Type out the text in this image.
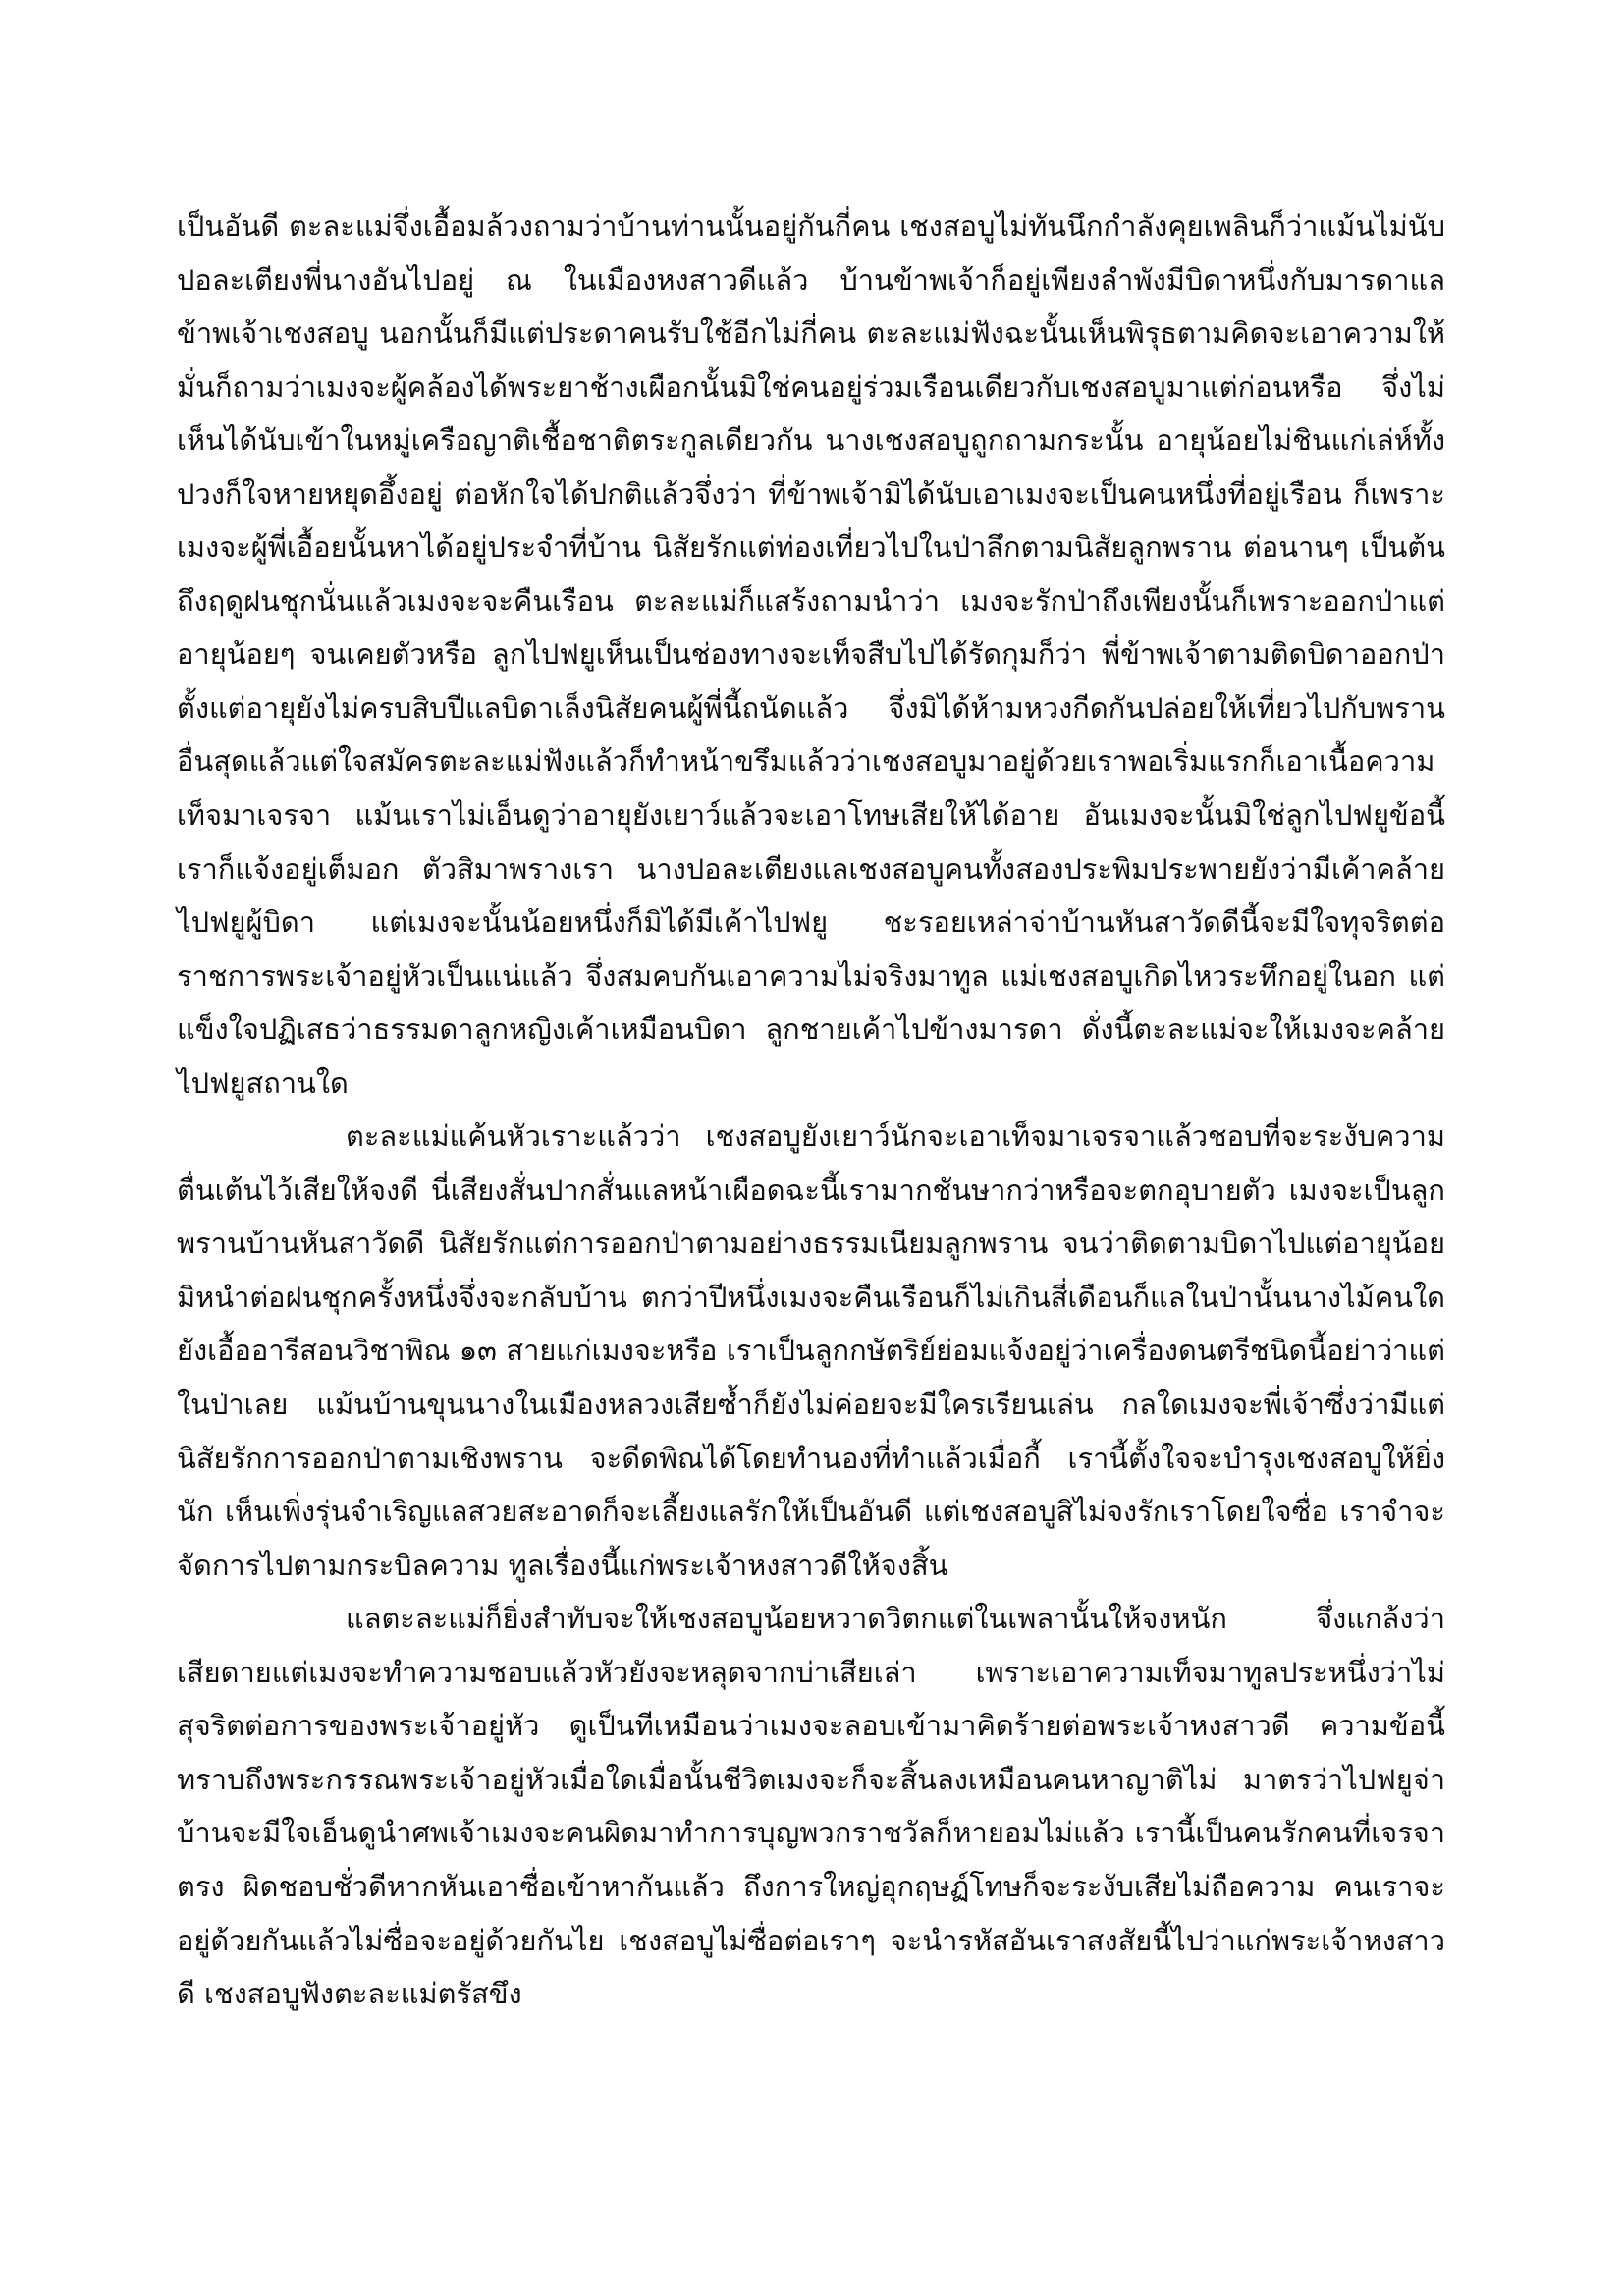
เป็นอันดี ตะละแม่จึ่งเอื้อมล้วงถามว่าบ้านท่านนั้นอยู่กันกี่คน เชงสอบูไม่ทันนึกกำลังคุยเพลินก็ว่าแม้นไม่นับปอละเตียงพี่นางอันไปอยู่ ณ ในเมืองหงสาวดีแล้ว บ้านข้าพเจ้าก็อยู่เพียงลำพังมีบิดาหนึ่งกับมารดาแลข้าพเจ้าเชงสอบู นอกนั้นก็มีแต่ประดาคนรับใช้อีกไม่กี่คน ตะละแม่ฟังฉะนั้นเห็นพิรุธตามคิดจะเอาความให้มั่นก็ถามว่าเมงจะผู้คล้องได้พระยาช้างเผือกนั้นมิใช่คนอยู่ร่วมเรือนเดียวกับเชงสอบูมาแต่ก่อนหรือ จึ่งไม่เห็นได้นับเข้าในหมู่เครือญาติเชื้อชาติตระกูลเดียวกัน นางเชงสอบูถูกถามกระนั้น อายุน้อยไม่ชินแก่เล่ห์ทั้งปวงก็ใจหายหยุดอึ้งอยู่ ต่อหักใจได้ปกติแล้วจึ่งว่า ที่ข้าพเจ้ามิได้นับเอาเมงจะเป็นคนหนึ่งที่อยู่เรือน ก็เพราะเมงจะผู้พี่เอื้อยนั้นหาได้อยู่ประจำที่บ้าน นิสัยรักแต่ท่องเที่ยวไปในป่าลึกตามนิสัยลูกพราน ต่อนานๆ เป็นต้นถึงฤดูฝนชุกนั่นแล้วเมงจะจะคืนเรือน ตะละแม่ก็แสร้งถามนำว่า เมงจะรักป่าถึงเพียงนั้นก็เพราะออกป่าแต่อายุน้อยๆ จนเคยตัวหรือ ลูกไปฟยูเห็นเป็นช่องทางจะเท็จสืบไปได้รัดกุมก็ว่า พี่ข้าพเจ้าตามติดบิดาออกป่าตั้งแต่อายุยังไม่ครบสิบปีแลบิดาเล็งนิสัยคนผู้พี่นี้ถนัดแล้ว จึ่งมิได้ห้ามหวงกีดกันปล่อยให้เที่ยวไปกับพรานอื่นสุดแล้วแต่ใจสมัครตะละแม่ฟังแล้วก็ทำหน้าขรึมแล้วว่าเชงสอบูมาอยู่ด้วยเราพอเริ่มแรกก็เอาเนื้อความเท็จมาเจรจา แม้นเราไม่เอ็นดูว่าอายุยังเยาว์แล้วจะเอาโทษเสียให้ได้อาย อันเมงจะนั้นมิใช่ลูกไปฟยูข้อนี้เราก็แจ้งอยู่เต็มอก ตัวสิมาพรางเรา นางปอละเตียงแลเชงสอบูคนทั้งสองประพิมประพายยังว่ามีเค้าคล้ายไปฟยูผู้บิดา แต่เมงจะนั้นน้อยหนึ่งก็มิได้มีเค้าไปฟยู ชะรอยเหล่าจ่าบ้านหันสาวัดดีนี้จะมีใจทุจริตต่อราชการพระเจ้าอยู่หัวเป็นแน่แล้ว จึ่งสมคบกันเอาความไม่จริงมาทูล แม่เชงสอบูเกิดไหวระทึกอยู่ในอก แต่แข็งใจปฏิเสธว่าธรรมดาลูกหญิงเค้าเหมือนบิดา ลูกชายเค้าไปข้างมารดา ดั่งนี้ตะละแม่จะให้เมงจะคล้ายไปฟยูสถานใด

ตะละแม่แค้นหัวเราะแล้วว่า เชงสอบูยังเยาว์นักจะเอาเท็จมาเจรจาแล้วชอบที่จะระงับความตื่นเต้นไว้เสียให้จงดี นี่เสียงสั่นปากสั่นแลหน้าเผือดฉะนี้เรามากชันษากว่าหรือจะตกอุบายตัว เมงจะเป็นลูกพรานบ้านหันสาวัดดี นิสัยรักแต่การออกป่าตามอย่างธรรมเนียมลูกพราน จนว่าติดตามบิดาไปแต่อายุน้อย มิหนำต่อฝนชุกครั้งหนึ่งจึ่งจะกลับบ้าน ตกว่าปีหนึ่งเมงจะคืนเรือนก็ไม่เกินสี่เดือนก็แลในป่านั้นนางไม้คนใดยังเอื้ออารีสอนวิชาพิณ ๑๓ สายแก่เมงจะหรือ เราเป็นลูกกษัตริย์ย่อมแจ้งอยู่ว่าเครื่องดนตรีชนิดนี้อย่าว่าแต่ในป่าเลย แม้นบ้านขุนนางในเมืองหลวงเสียซ้ำก็ยังไม่ค่อยจะมีใครเรียนเล่น กลใดเมงจะพี่เจ้าซึ่งว่ามีแต่นิสัยรักการออกป่าตามเชิงพราน จะดีดพิณได้โดยทำนองที่ทำแล้วเมื่อกี้ เรานี้ตั้งใจจะบำรุงเชงสอบูให้ยิ่งนัก เห็นเพิ่งรุ่นจำเริญแลสวยสะอาดก็จะเลี้ยงแลรักให้เป็นอันดี แต่เชงสอบูสิไม่จงรักเราโดยใจซื่อ เราจำจะจัดการไปตามกระบิลความ ทูลเรื่องนี้แก่พระเจ้าหงสาวดีให้จงสิ้น

แลตะละแม่ก็ยิ่งสำทับจะให้เชงสอบูน้อยหวาดวิตกแต่ในเพลานั้นให้จงหนัก จึ่งแกล้งว่า เสียดายแต่เมงจะทำความชอบแล้วหัวยังจะหลุดจากบ่าเสียเล่า เพราะเอาความเท็จมาทูลประหนึ่งว่าไม่สุจริตต่อการของพระเจ้าอยู่หัว ดูเป็นทีเหมือนว่าเมงจะลอบเข้ามาคิดร้ายต่อพระเจ้าหงสาวดี ความข้อนี้ทราบถึงพระกรรณพระเจ้าอยู่หัวเมื่อใดเมื่อนั้นชีวิตเมงจะก็จะสิ้นลงเหมือนคนหาญาติไม่ มาตรว่าไปฟยูจ่าบ้านจะมีใจเอ็นดูนำศพเจ้าเมงจะคนผิดมาทำการบุญพวกราชวัลก็หายอมไม่แล้ว เรานี้เป็นคนรักคนที่เจรจาตรง ผิดชอบชั่วดีหากหันเอาซื่อเข้าหากันแล้ว ถึงการใหญ่อุกฤษฏ์โทษก็จะระงับเสียไม่ถือความ คนเราจะอยู่ด้วยกันแล้วไม่ซื่อจะอยู่ด้วยกันไย เชงสอบูไม่ซื่อต่อเราๆ จะนำรหัสอันเราสงสัยนี้ไปว่าแก่พระเจ้าหงสาวดี เชงสอบูฟังตะละแม่ตรัสขึง
